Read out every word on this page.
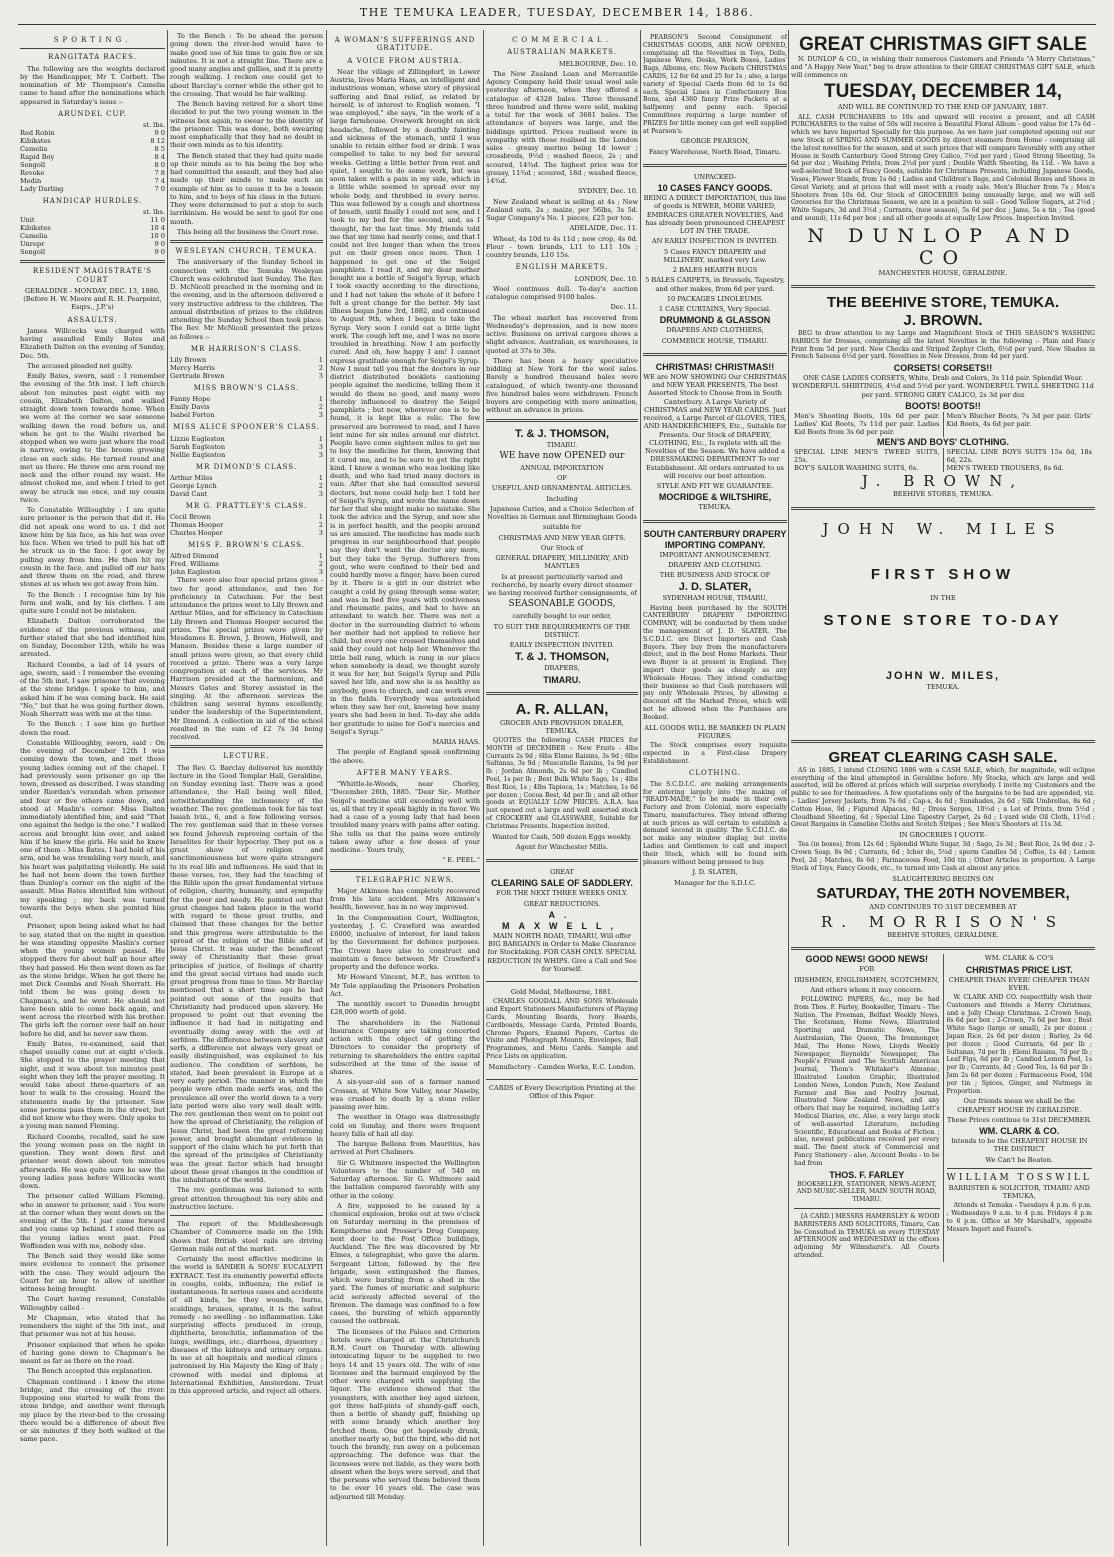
THE TEMUKA LEADER, TUESDAY, DECEMBER 14, 1886.
SPORTING.
RANGITATA RACES.

The following are the weights declared by the Handicapper, Mr T. Corbett. The nomination of Mr Thompson's Camelia came to hand after the nominations which appeared in Saturday's issue :-

ARUNDEL CUP.
	st. lbs.
Red Robin	9 0
Kibikstes	8 12
Camelia	8 5
Rapid Boy	8 4
Sengoll	8 0
Revoke	7 8
Medin	7 4
Lady Darling	7 0
HANDICAP HURDLES.
	st. lbs.
Unit	11 0
Kibikstes	10 4
Camelia	10 0
Unrepr	9 0
Sengoll	9 0
RESIDENT MAGISTRATE'S COURT

GERALDINE - MONDAY, DEC. 13, 1886. (Before H. W. Moore and R. H. Pearpoint, Esqrs., J.P.'s)

ASSAULTS.

James Willcocks was charged with having assaulted Emily Bates and Elizabeth Dalton on the evening of Sunday, Dec. 5th.

The accused pleaded not guilty.

Emily Bates, sworn, said : I remember the evening of the 5th inst. I left church about ten minutes past eight with my cousin, Elizabeth Dalton, and walked straight down town towards home. When we were at the corner we saw someone walking down the road before us, and when he got to the Waihi riverbed he stopped when we were just where the road is narrow, owing to the broom growing close on each side. He turned round and met us there. He threw one arm round my neck and the other round my waist. He almost choked me, and when I tried to get away he struck me once, and my cousin twice.

To Constable Willoughby : I am quite sure prisoner is the person that did it. He did not speak one word to us. I did not know him by his face, as his hat was over his face. When we tried to pull his hat off he struck us in the face. I got away by pulling away from him. He then hit my cousin in the face, and pulled off our hats and threw them on the road, and threw stones at us when we got away from him.

To the Bench : I recognise him by his form and walk, and by his clothes. I am quite sure I could not be mistaken.

Elizabeth Dalton corroborated the evidence of the previous witness, and further stated that she had identified him on Sunday, December 12th, while he was arrested.

Richard Coombs, a lad of 14 years of age, sworn, said : I remember the evening of the 5th inst. I saw prisoner that evening at the stone bridge. I spoke to him, and asked him if he was coming back. He said "No," but that he was going further down. Noah Sherratt was with me at the time.

To the Bench : I saw him go further down the road.

Constable Willoughby, sworn, said : On the evening of December 12th I was coming down the town, and met those young ladies coming out of the chapel. I had previously seen prisoner go up the town, dressed as described. I was standing under Riordan's verandah when prisoner and four or five others came down, and stood at Maslin's corner. Miss Dalton immediately identified him, and said "That one against the hedge is the one." I walked across and brought him over, and asked him if he knew the girls. He said he knew one of them - Miss Bates. I had hold of his arm, and he was trembling very much, and his heart was palpitating violently. He said he had not been down the town further than Dunlop's corner on the night of the assault. Miss Bates identified him without my speaking ; my back was turned towards the boys when she pointed him out.

Prisoner, upon being asked what he had to say, stated that on the night in question he was standing opposite Maslin's corner when the young women passed. He stopped there for about half an hour after they had passed. He then went down as far as the stone bridge. When he got there he met Dick Coombs and Noah Sherratt. He told them he was going down to Chapman's, and he went. He should not have been able to come back again, and went across the riverbed with his brother. The girls left the corner over half an hour before he did, and he never saw them.

Emily Bates, re-examined, said that chapel usually came out at eight o'clock. She stopped to the prayer meeting that night, and it was about ten minutes past eight when they left the prayer meeting. It would take about three-quarters of an hour to walk to the crossing. Heard the statements made by the prisoner. Saw some persons pass them in the street, but did not know who they were. Only spoke to a young man named Fleming.

Richard Coombs, recalled, said he saw the young women pass on the night in question. They went down first and prisoner went down about ten minutes afterwards. He was quite sure he saw the young ladies pass before Willcocks went down.

The prisoner called William Fleming, who in answer to prisoner, said : You were at the corner when they went down on the evening of the 5th. I just came forward and you came up behind. I stood there as the young ladies went past. Fred Woffenden was with me, nobody else.

The Bench said they would like some more evidence to connect the prisoner with the case. They would adjourn the Court for an hour to allow of another witness being brought.

The Court having resumed, Constable Willoughby called -

Mr Chapman, who stated that he remembers the night of the 5th inst., and that prisoner was not at his house.

Prisoner explained that when he spoke of having gone down to Chapman's he meant as far as there on the road.

The Bench accepted this explanation.

Chapman continued : I know the stone bridge, and the crossing of the river. Supposing one started to walk from the stone bridge, and another went through my place by the river-bed to the crossing there would be a difference of about five or six minutes if they both walked at the same pace.

To the Bench : To be ahead the person going down the river-bed would have to make good use of his time to gain five or six minutes. It is not a straight line. There are a good many angles and gullies, and it is pretty rough walking. I reckon one could get to about Barclay's corner while the other got to the crossing. That would be fair walking.

The Bench having retired for a short time decided to put the two young women in the witness box again, to swear to the identity of the prisoner. This was done, both swearing most emphatically that they had no doubt in their own minds as to his identity.

The Bench stated that they had quite made up their minds as to his being the boy who had committed the assault, and they had also made up their minds to make such an example of him as to cause it to be a lesson to him, and to boys of his class in the future. They were determined to put a stop to such larrikinism. He would be sent to gaol for one month.

This being all the business the Court rose.

WESLEYAN CHURCH, TEMUKA.

The anniversary of the Sunday School in connection with the Temuka Wesleyan Church was celebrated last Sunday. The Rev. D. McNicoll preached in the morning and in the evening, and in the afternoon delivered a very instructive address to the children. The annual distribution of prizes to the children attending the Sunday School then took place. The Rev. Mr McNicoll presented the prizes as follows :-

MR HARRISON'S CLASS.
Lily Brown	1
Mercy Harris	2
Gertrude Brown	3
MISS BROWN'S CLASS.
Fanny Hope	1
Emily Davis	2
Isabel Forton	3
MISS ALICE SPOONER'S CLASS.
Lizzie Eagleston	1
Sarah Eagleston	3
Nellie Eagleston	3
MR DIMOND'S CLASS.
Arthur Miles	1
George Lynch	2
David Cant	3
MR G. PRATTLEY'S CLASS.
Cecil Brown	1
Thomas Hooper	2
Charles Hooper	3
MISS F. BROWN'S CLASS.
Alfred Dimond	1
Fred. Williams	2
John Eagleston	3

There were also four special prizes given - two for good attendance, and two for proficiency in Catechism. For the best attendance the prizes went to Lily Brown and Arthur Miles, and for efficiency in Catechism Lily Brown and Thomas Hooper secured the prizes. The special prizes were given by Mesdames E. Brown, J. Brown, Holwell, and Manson. Besides these a large number of small prizes were given, so that every child received a prize. There was a very large congregation at each of the services. Mr Harrison presided at the harmonium, and Messrs Gates and Storey assisted in the singing. At the afternoon services the children sang several hymns excellently, under the leadership of the Superintendent, Mr Dimond. A collection in aid of the school resulted in the sum of £2 7s 3d being received.

LECTURE.

The Rev. G. Barclay delivered his monthly lecture in the Good Templar Hall, Geraldine, on Sunday evening last. There was a good attendance, the Hall being well filled, notwithstanding the inclemency of the weather. The rev. gentleman took for his text Isaiah lviii., 6, and a few following verses. The rev. gentleman said that in these verses we found Jehovah reproving certain of the Israelites for their hypocrisy. They put on a great show of religion and sanctimoniousness but were quite strangers to its real life and influences. He said that in these verses, too, they had the teaching of the Bible upon the great fundamental virtues of religion, charity, humanity, and sympathy for the poor and needy. He pointed out that great changes had taken place in the world with regard to these great truths, and claimed that these changes for the better and this progress were attributable to the spread of the religion of the Bible and of Jesus Christ. It was under the beneficent sway of Christianity that these great principles of justice, of feelings of charity and the great social virtues had made such great progress from time to time. Mr Barclay mentioned that a short time ago he had pointed out some of the results that Christianity had produced upon slavery. He proposed to point out that evening the influence it had had in mitigating and eventually doing away with the evil of serfdom. The difference between slavery and serfs, a difference not always very great or easily distinguished, was explained to his audience. The condition of serfdom, he stated, had been prevalent in Europe at a very early period. The manner in which the people were often made serfs was, and the prevalence all over the world down to a very late period were also very well dealt with. The rev. gentleman then went on to point out how the spread of Christianity, the religion of Jesus Christ, had been the great reforming power, and brought abundant evidence in support of the claim which he put forth that the spread of the principles of Christianity was the great factor which had brought about these great changes in the condition of the inhabitants of the world.

The rev. gentleman was listened to with great attention throughout his very able and instructive lecture.

The report of the Middlesborough Chamber of Commerce made on the 19th shows that British steel rails are driving German rails out of the market.

Certainly the most effective medicine in the world is SANDER & SONS' EUCALYPTI EXTRACT. Test its eminently powerful effects in coughs, colds, influenza; the relief is instantaneous. In serious cases and accidents of all kinds, be they wounds, burns, scaldings, bruises, sprains, it is the safest remedy - no swelling - no inflammation. Like surprising effects produced in croup, diphtheria, bronchitis, inflammation of the lungs, swellings, etc.; diarrhoea, dysentery ; diseases of the kidneys and urinary organs. In use at all hospitals and medical clinics ; patronised by His Majesty the King of Italy ; crowned with medal and diploma at International Exhibition, Amsterdam. Trust in this approved article, and reject all others.

A WOMAN'S SUFFERINGS AND GRATITUDE.
A VOICE FROM AUSTRIA.

Near the village of Zillingdorf, in Lower Austria, lives Maria Haas, an intelligent and industrious woman, whose story of physical suffering and final relief, as related by herself, is of interest to English women. "I was employed," she says, "in the work of a large farmhouse. Overwork brought on sick headache, followed by a deathly fainting and sickness of the stomach, until I was unable to retain either food or drink. I was compelled to take to my bed for several weeks. Getting a little better from rest and quiet, I sought to do some work, but was soon taken with a pain in my side, which in a little while seemed to spread over my whole body, and throbbed in every nerve. This was followed by a cough and shortness of breath, until finally I could not sew, and I took to my bed for the second, and, as I thought, for the last time. My friends told me that my time had nearly come, and that I could not live longer than when the trees put on their green once more. Then I happened to get one of the Seigel pamphlets. I read it, and my dear mother bought me a bottle of Seigel's Syrup, which I took exactly according to the directions, and I had not taken the whole of it before I felt a great change for the better. My last illness began June 3rd, 1882, and continued to August 9th, when I began to take the Syrup. Very soon I could eat a little light work. The cough left me, and I was no more troubled in breathing. Now I am perfectly cured. And oh, how happy I am! I cannot express gratitude enough for Seigel's Syrup. Now I must tell you that the doctors in our district distributed booklets cautioning people against the medicine, telling them it would do them no good, and many were thereby influenced to destroy the Seigel pamphlets ; but now, wherever one is to be found, it is kept like a relic. The few preserved are borrowed to read, and I have lent mine for six miles around our district. People have come eighteen miles to get me to buy the medicine for them, knowing that it cured me, and to be sure to get the right kind. I know a woman who was looking like death, and who had tried many doctors in vain. After that she had consulted several doctors, but none could help her. I told her of Seigel's Syrup, and wrote the name down for her that she might make no mistake. She took the advice and the Syrup, and now she is in perfect health, and the people around us are amazed. The medicine has made such progress in our neighbourhood that people say they don't want the doctor any more, but they take the Syrup. Sufferers from gout, who were confined to their bed and could hardly move a finger, have been cured by it. There is a girl in our district who caught a cold by going through some water, and was in bed five years with costiveness and rheumatic pains, and had to have an attendant to watch her. There was not a doctor in the surrounding district to whom her mother had not applied to relieve her child, but every one crossed themselves and said they could not help her. Whenever the little bell rang, which is rung in our place when somebody is dead, we thought surely it was for her, but Seigel's Syrup and Pills saved her life, and now she is as healthy as anybody, goes to church, and can work even in the fields. Everybody was astonished when they saw her out, knowing how many years she had been in bed. To-day she adds her gratitude to mine for God's mercies and Seigel's Syrup."

MARIA HAAS.

The people of England speak confirming the above.

AFTER MANY YEARS.

"Whittle-le-Woods, near Chorley, "December 26th, 1885. "Dear Sir,- Mother Seigel's medicine still exceeding well with us, all that try it speak highly in its favor. We had a case of a young lady that had been troubled many years with pains after eating. She tells us that the pains were entirely taken away after a few doses of your medicine.- Yours truly,

" E. PEEL."

TELEGRAPHIC NEWS.

Major Atkinson has completely recovered from his late accident. Mrs Atkinson's health, however, has in no way improved.

In the Compensation Court, Wellington, yesterday, J. C. Crawford was awarded £6000, inclusive of interest, for land taken by the Government for defence purposes. The Crown have also to construct and maintain a fence between Mr Crawford's property and the defence works.

Mr Howard Vincent, M.P., has written to Mr Tole applauding the Prisoners Probation Act.

The monthly escort to Dunedin brought £28,000 worth of gold.

The shareholders in the National Insurance Company are taking concerted action with the object of getting the Directors to consider the propriety of returning to shareholders the entire capital subscribed at the time of the issue of shares.

A six-year-old son of a farmer named Crossan, at White Sow Valley, near Naseby, was crushed to death by a stone roller passing over him.

The weather in Otago was distressingly cold on Sunday, and there were frequent heavy falls of hail all day.

The barque Bellona from Mauritius, has arrived at Port Chalmers.

Sir G. Whitmore inspected the Wellington Volunteers to the number of 540 on Saturday afternoon. Sir G. Whitmore said the battalion compared favorably with any other in the colony.

A fire, supposed to be caused by a chemical explosion, broke out at two o'clock on Saturday morning in the premises of Kempthorne and Prosser's Drug Company, next door to the Post Office buildings, Auckland. The fire was discovered by Mr Elmes, a telegraphist, who gave the alarm. Sergeant Litton, followed by the fire brigade, soon extinguished the flames, which were bursting from a shed in the yard. The fumes of muriatic and sulphuric acid seriously affected several of the firemen. The damage was confined to a few cases, the bursting of which apparently caused the outbreak.

The licensees of the Palace and Criterion hotels were charged at the Christchurch R.M. Court on Thursday with allowing intoxicating liquor to be supplied to two boys 14 and 15 years old. The wife of one licensee and the barmaid employed by the other were charged with supplying the liquor. The evidence showed that the youngsters, with another boy aged sixteen, got three half-pints of shandy-gaff each, then a bottle of shandy gaff, finishing up with some brandy which another boy fetched them. One got hopelessly drunk, another nearly so, but the third, who did not touch the brandy, ran away on a policeman approaching. The defence was that the licensees were not liable, as they were both absent when the boys were served, and that the persons who served them believed them to be over 16 years old. The case was adjourned till Monday.

COMMERCIAL.
AUSTRALIAN MARKETS.

MELBOURNE, Dec. 10.

The New Zealand Loan and Mercantile Agency Company held their usual wool sale yesterday afternoon, when they offered a catalogue of 4328 bales. Three thousand three hundred and three were sold, making a total for the week of 3681 bales. The attendance of buyers was large, and the biddings spirited. Prices realised were in sympathy with those realised in the London sales - greasy merino being 1d lower ; crossbreds, 9½d ; washed fleece, 2s ; and scoured, 14¾d. The highest price was for greasy, 11¾d ; scoured, 18d ; washed fleece, 14¾d.

SYDNEY, Dec. 10.

New Zealand wheat is selling at 4s ; New Zealand oats, 2s ; maize, per 56lbs, 3s 5d. Sugar Company's No. 1 pieces, £25 per ton.

ADELAIDE, Dec. 11.

Wheat, 4s 10d to 4s 11d ; new crop, 4s 6d. Flour - town brands, L11 to L11 10s ; country brands, L10 15s.

ENGLISH MARKETS.

LONDON, Dec. 10.

Wool continues dull. To-day's auction catalogue comprised 9100 bales.

Dec. 11.

The wheat market has recovered from Wednesday's depression, and is now more active. Business on arrival cargoes shows a slight advance. Australian, ex warehouses, is quoted at 37s to 38s.

There has been a heavy speculative bidding at New York for the wool sales. Barely a hundred thousand bales were catalogued, of which twenty-one thousand five hundred bales were withdrawn. French buyers are competing with more animation, without an advance in prices.

T. & J. THOMSON,

TIMARU.

WE have now OPENED our

ANNUAL IMPORTATION

OF

USEFUL AND ORNAMENTAL ARTICLES.

Including

Japanese Curios, and a Choice Selection of Novelties in German and Birmingham Goods

suitable for

CHRISTMAS AND NEW YEAR GIFTS.

Our Stock of

GENERAL DRAPERY, MILLINERY, AND MANTLES

Is at present particularly varied and recherché, by nearly every direct steamer we having received further consignments, of

SEASONABLE GOODS,

carefully bought to our order,

TO SUIT THE REQUIREMENTS OF THE DISTRICT.

EARLY INSPECTION INVITED.

T. & J. THOMSON,

DRAPERS,

TIMARU.
A. R. ALLAN,

GROCER AND PROVISION DEALER, TEMUKA,

QUOTES the following CASH PRICES for MONTH of DECEMBER :- New Fruits - 4lbs Currants 2s 9d ; 6lbs Elsme Raisins, 3s 9d ; 6lbs Sultanas, 3s 9d ; Muscatelle Raisins, 1s 9d per lb ; Jordan Almonds, 2s 6d per lb ; Candied Peel, 1s per lb ; Best Bulk White Sago, 1s ; 4lbs Best Rice, 1s ; 4lbs Tapioca, 1s ; Matches, 1s 6d per dozen ; Cocoa Best, 4d per lb ; and all other goods at EQUALLY LOW PRICES. A.R.A. has just opened out a large and well assorted stock of CROCKERY and GLASSWARE, Suitable for Christmas Presents. Inspection invited.

Wanted for Cash, 500 dozen Eggs weekly.

Agent for Winchester Mills.

GREAT

CLEARING SALE OF SADDLERY.

FOR THE NEXT THREE WEEKS ONLY.

GREAT REDUCTIONS.

A. MAXWELL,

MAIN NORTH ROAD, TIMARU, Will offer BIG BARGAINS in Order to Make Clearance for Stocktaking. FOR CASH ONLY. SPECIAL REDUCTION IN WHIPS. Give a Call and See for Yourself.

Gold Medal, Melbourne, 1881.

CHARLES GOODALL AND SONS Wholesale and Export Stationers Manufacturers of Playing Cards, Mounting Boards, Ivory Boards, Cardboards, Message Cards, Printed Boards, Chromo Papers, Enamel Papers, Cartes de Visite and Photograph Mounts, Envelopes, Ball Programmes, and Menu Cards. Sample and Price Lists on application.

Manufactory - Camden Works, E.C. London.

CARDS of Every Description Printing at the Office of this Paper.

PEARSON'S Second Consignment of CHRISTMAS GOODS, ARE NOW OPENED, comprising all the Novelties in Toys, Dolls, Japanese Ware, Desks, Work Boxes, Ladies' Bags, Albums, etc. New Packets CHRISTMAS CARDS, 12 for 6d and 25 for 1s ; also, a large variety of Special Cards from 6d to 1s 6d each. Special Lines in Confectionery Bon Bons, and 4360 fancy Prize Packets at a halfpenny and penny each. Special Committees requiring a large number of PRIZES for little money can get well supplied at Pearson's.

GEORGE PEARSON,

Fancy Warehouse, North Road, Timaru.

UNPACKED-

10 CASES FANCY GOODS.

BEING A DIRECT IMPORTATION, this line of goods is NEWER, MORE VARIED, EMBRACES GREATER NOVELTIES, And has already been pronounced CHEAPEST LOT IN THE TRADE.

AN EARLY INSPECTION IS INVITED.

5 Cases FANCY DRAPERY and MILLINERY, marked very Low.

2 BALES HEARTH RUGS

5 BALES CARPETS, in Brussels, Tapestry, and other makes, from 6d per yard.

10 PACKAGES LINOLEUMS.

1 CASE CURTAINS, Very Special.

DRUMMOND & GLASSON

DRAPERS AND CLOTHIERS,

COMMERCE HOUSE, TIMARU.

CHRISTMAS! CHRISTMAS!!

WE are NOW SHOWING Our CHRISTMAS and NEW YEAR PRESENTS, The best Assorted Stock to Choose from in South Canterbury. A Large Variety of CHRISTMAS and NEW YEAR CARDS. Just received, a Large Parcel of GLOVES, TIES, AND HANDKERCHIEFS, Etc., Suitable for Presents. Our Stock of DRAPERY, CLOTHING, Etc., Is replete with all the Novelties of the Season. We have added a DRESSMAKING DEPARTMENT To our Establishment. All orders entrusted to us will receive our best attention.

STYLE AND FIT WE GUARANTEE.

MOCRIDGE & WILTSHIRE,

TEMUKA.

SOUTH CANTERBURY DRAPERY IMPORTING COMPANY.

IMPORTANT ANNOUNCEMENT.

DRAPERY AND CLOTHING.

THE BUSINESS AND STOCK OF

J. D. SLATER,

SYDENHAM HOUSE, TIMARU,

Having been purchased by the SOUTH CANTERBURY DRAPERY IMPORTING COMPANY, will be conducted by them under the management of J. D. SLATER. The S.C.D.I.C. are Direct Importers and Cash Buyers. They buy from the manufacturers direct, and in the best Home Markets. Their own Buyer is at present in England. They import their goods as cheaply as any Wholesale House. They intend conducting their business so that Cash purchasers will pay only Wholesale Prices, by allowing a discount off the Marked Prices, which will not be allowed when the Purchases are Booked.

ALL GOODS WILL BE MARKED IN PLAIN FIGURES.

The Stock comprises every requisite expected in a First-class Drapery Establishment.

CLOTHING.

The S.C.D.I.C. are making arrangements for entering largely into the making of "READY-MADE," to be made in their own Factory and from Colonial, more especially Timaru, manufactures. They intend offering at such prices as will certain to establish a demand second in quality. The S.C.D.I.C. do not make any window display, but invite Ladies and Gentlemen to call and inspect their Stock, which will be found with pleasure without being pressed to buy.

J. D. SLATER,

Manager for the S.D.I.C.

GREAT CHRISTMAS GIFT SALE

N. DUNLOP & CO., in wishing their numerous Customers and Friends "A Merry Christmas," and "A Happy New Year," beg to draw attention to their GREAT CHRISTMAS GIFT SALE, which will commence on

TUESDAY, DECEMBER 14,

AND WILL BE CONTINUED TO THE END OF JANUARY, 1887.

ALL CASH PURCHASERS to 10s and upward will receive a present, and all CASH PURCHASERS to the value of 50s will receive a Beautiful Floral Album - good value for 17s 6d - which we have Imported Specially for this purpose. As we have just completed opening out our new Stock of SPRING AND SUMMER GOODS by direct steamers from Home - comprising all the latest novelties for the season, and at such prices that will compare favorably with any other House in South Canterbury. Good Strong Grey Calico, 7½d per yard ; Good Strong Sheeting, 5s 6d per doz ; Washing Prints, from 2½d per yard ; Double Width Sheeting, 8s 11d. - We have a well-selected Stock of Fancy Goods, suitable for Christmas Presents, including Japanese Goods, Vases, Flower Stands, from 1s 6d ; Ladies and Children's Bags, and Colonial Boxes and Shoes in Great Variety, and at prices that will meet with a ready sale. Men's Blucher from 7s ; Men's Shooters from 10s 6d. Our Stock of GROCERIES being unusually large, and we will sell Groceries for the Christmas Season, we are in a position to sell - Good Yellow Sugars, at 2½d ; White Sugars, 3d and 3½d ; Currants, (new season), 5s 6d per doz ; Jams, 5s a tin ; Tea (good and sound), 11s 6d per box ; and all other goods at equally Low Prices. Inspection Invited.

N DUNLOP AND CO

MANCHESTER HOUSE, GERALDINE.

THE BEEHIVE STORE, TEMUKA.
J. BROWN.

BEG to draw attention to my Large and Magnificent Stock of THIS SEASON'S WASHING FABRICS for Dresses, comprising all the latest Novelties in the following :- Plain and Fancy Print from 5d per yard. New Checks and Striped Zephyr Cloth, 6½d per yard. New Shades in French Sateens 6½d per yard. Novelties in New Dresses, from 4d per yard.

CORSETS! CORSETS!!

ONE CASE LADIES CORSETS, White, Drab and Colors, 3s 11d pair. Splendid Wear. WONDERFUL SHIRTINGS, 4½d and 5½d per yard. WONDERFUL TWILL SHEETING 11d per yard. STRONG GREY CALICO, 2s 3d per doz

BOOTS! BOOTS!!
Men's Shooting Boots, 10s 6d per pair. Ladies' Kid Boots, 7s 11d per pair. Ladies Kid Boots from 3s 6d per pair.
Men's Blucher Boots, 7s 3d per pair. Girls' Kid Boots, 4s 6d per pair.
MEN'S AND BOYS' CLOTHING.
SPECIAL LINE MEN'S TWEED SUITS, 25s.
SPECIAL LINE BOYS SUITS 15s 6d, 18s 6d, 22s.
BOY'S SAILOR WASHING SUITS, 6s.	MEN'S TWEED TROUSERS, 8s 6d.
J. BROWN,

BEEHIVE STORES, TEMUKA.

JOHN W. MILES
FIRST SHOW

IN THE

STONE STORE TO-DAY
JOHN W. MILES,

TEMUKA.

GREAT CLEARING CASH SALE.

AS in 1885, I intend CLOSING 1886 with a CASH SALE, which, for magnitude, will eclipse everything of the kind attempted in Geraldine before. My Stocks, which are large and well assorted, will be offered at prices which will surprise everybody. I invite my Customers and the public to see for themselves. A few quotations only of the bargains to be had are appended, viz. :- Ladies' Jersey Jackets, from 7s 6d ; Cap-s, 4s 6d ; Sunshades, 2s 6d ; Silk Umbrellas, 8s 6d ; Cotton Hose, 9d ; Figured Alpacas, 9d ; Dress Serges, 10½d ; a Lot of Prints, from 5½d ; Cloudband Sheeting, 6d ; Special Line Tapestry Carpet, 2s 6d ; 1-yard wide Oil Cloth, 11½d ; Great Bargains in Cameline Cloths and Scotch Stripes ; See Men's Shooters at 11s 3d.

IN GROCERIES I QUOTE-

Tea (in boxes), from 12s 6d ; Splendid White Sugar, 3d ; Sago, 2s 3d ; Best Rice, 2s 9d doz ; 2-Crown Soap, 8s 9d ; Currants, 6d ; Ichor do, 5¼d ; sperm Candles 5d ; Coffee, 1s 4d ; Lemon Peel, 2d ; Matches, 8s 6d ; Farinaceous Food, 10d tin ; Other Articles in proportion. A Large Stock of Toys, Fancy Goods, etc., to turned into Cash at almost any price.

SLAUGHTERING BEGINS ON

SATURDAY, THE 20TH NOVEMBER,

AND CONTINUES TO 31ST DECEMBER AT

R. MORRISON'S

BEEHIVE STORES, GERALDINE.

GOOD NEWS! GOOD NEWS!

FOR

IRISHMEN, ENGLISHMEN, SCOTCHMEN,

And others whom it may concern.

FOLLOWING PAPERS, &c., may be had from Thos. F. Farley, Bookseller, Timaru - The Nation, The Freeman, Belfast Weekly News, The Scotsman, Home News, Illustrated Sporting and Dramatic News, The Australasian, The Queen, The Ironmonger, Mail, The Home News, Lloyds Weekly Newspaper, Reynolds' Newspaper, The People's Friend and The Scottish American Journal, Thom's Whitaker's Almanac, Illustrated London Graphic, Illustrated London News, London Punch, New Zealand Farmer and Bee and Poultry Journal, Illustrated New Zealand News, and any others that may be required, including Lett's Medical Diaries, etc. Also, a very large stock of well-assorted Literature, including Scientific, Educational and Books of Fiction ; also, newest publications received per every mail. The finest stock of Commercial and Fancy Stationery - also, Account Books - to be had from

THOS. F. FARLEY

BOOKSELLER, STATIONER, NEWS-AGENT, AND MUSIC-SELLER, MAIN SOUTH ROAD, TIMARU.

[A CARD.] MESSRS HAMERSLEY & WOOD BARRISTERS AND SOLICITORS, Timaru, Can be Consulted in TEMUKA on every TUESDAY AFTERNOON and WEDNESDAY in the offices adjoining Mr Wilmshurst's. All Courts attended.

WM. CLARK & CO'S

CHRISTMAS PRICE LIST.

CHEAPER THAN EVER! CHEAPER THAN EVER.

W. CLARK AND CO. respectfully wish their Customers and friends a Merry Christmas, and a Jolly Cheap Christmas. 2-Crown Soap, 6s 6d per box ; 2-Crown, 7s 6d per box ; Best White Sago (large or small), 2s per dozen ; Japan Rice, 2s 6d per dozen ; Barley, 2s 6d per dozen ; Good Currants, 6d per lb ; Sultanas, 7d per lb ; Elemi Raisins, 7d per lb ; Leaf Figs, 6d per lb ; Candied Lemon Peel, 1s per lb ; Currants, 4d ; Good Tea, 1s 6d per lb ; Jam 2s 6d per dozen ; Farinaceous Food, 10d per tin ; Spices, Ginger, and Nutmegs in Proportion.

Our friends mean we shall be the CHEAPEST HOUSE IN GERALDINE.

These Prices continue to 31st DECEMBER.

WM. CLARK & CO.

Intends to be the CHEAPEST HOUSE IN THE DISTRICT

We Can't be Beaten.

WILLIAM TOSSWILL

BARRISTER & SOLICITOR, TIMARU AND TEMUKA,

Attends at Temuka - Tuesdays 4 p.m. 6 p.m. ; Wednesdays 9 a.m. to 4 p.m. Fridays 4 p.m to 6 p.m. Office at Mr Marshall's, opposite Messrs Ingert and Faurel's.
